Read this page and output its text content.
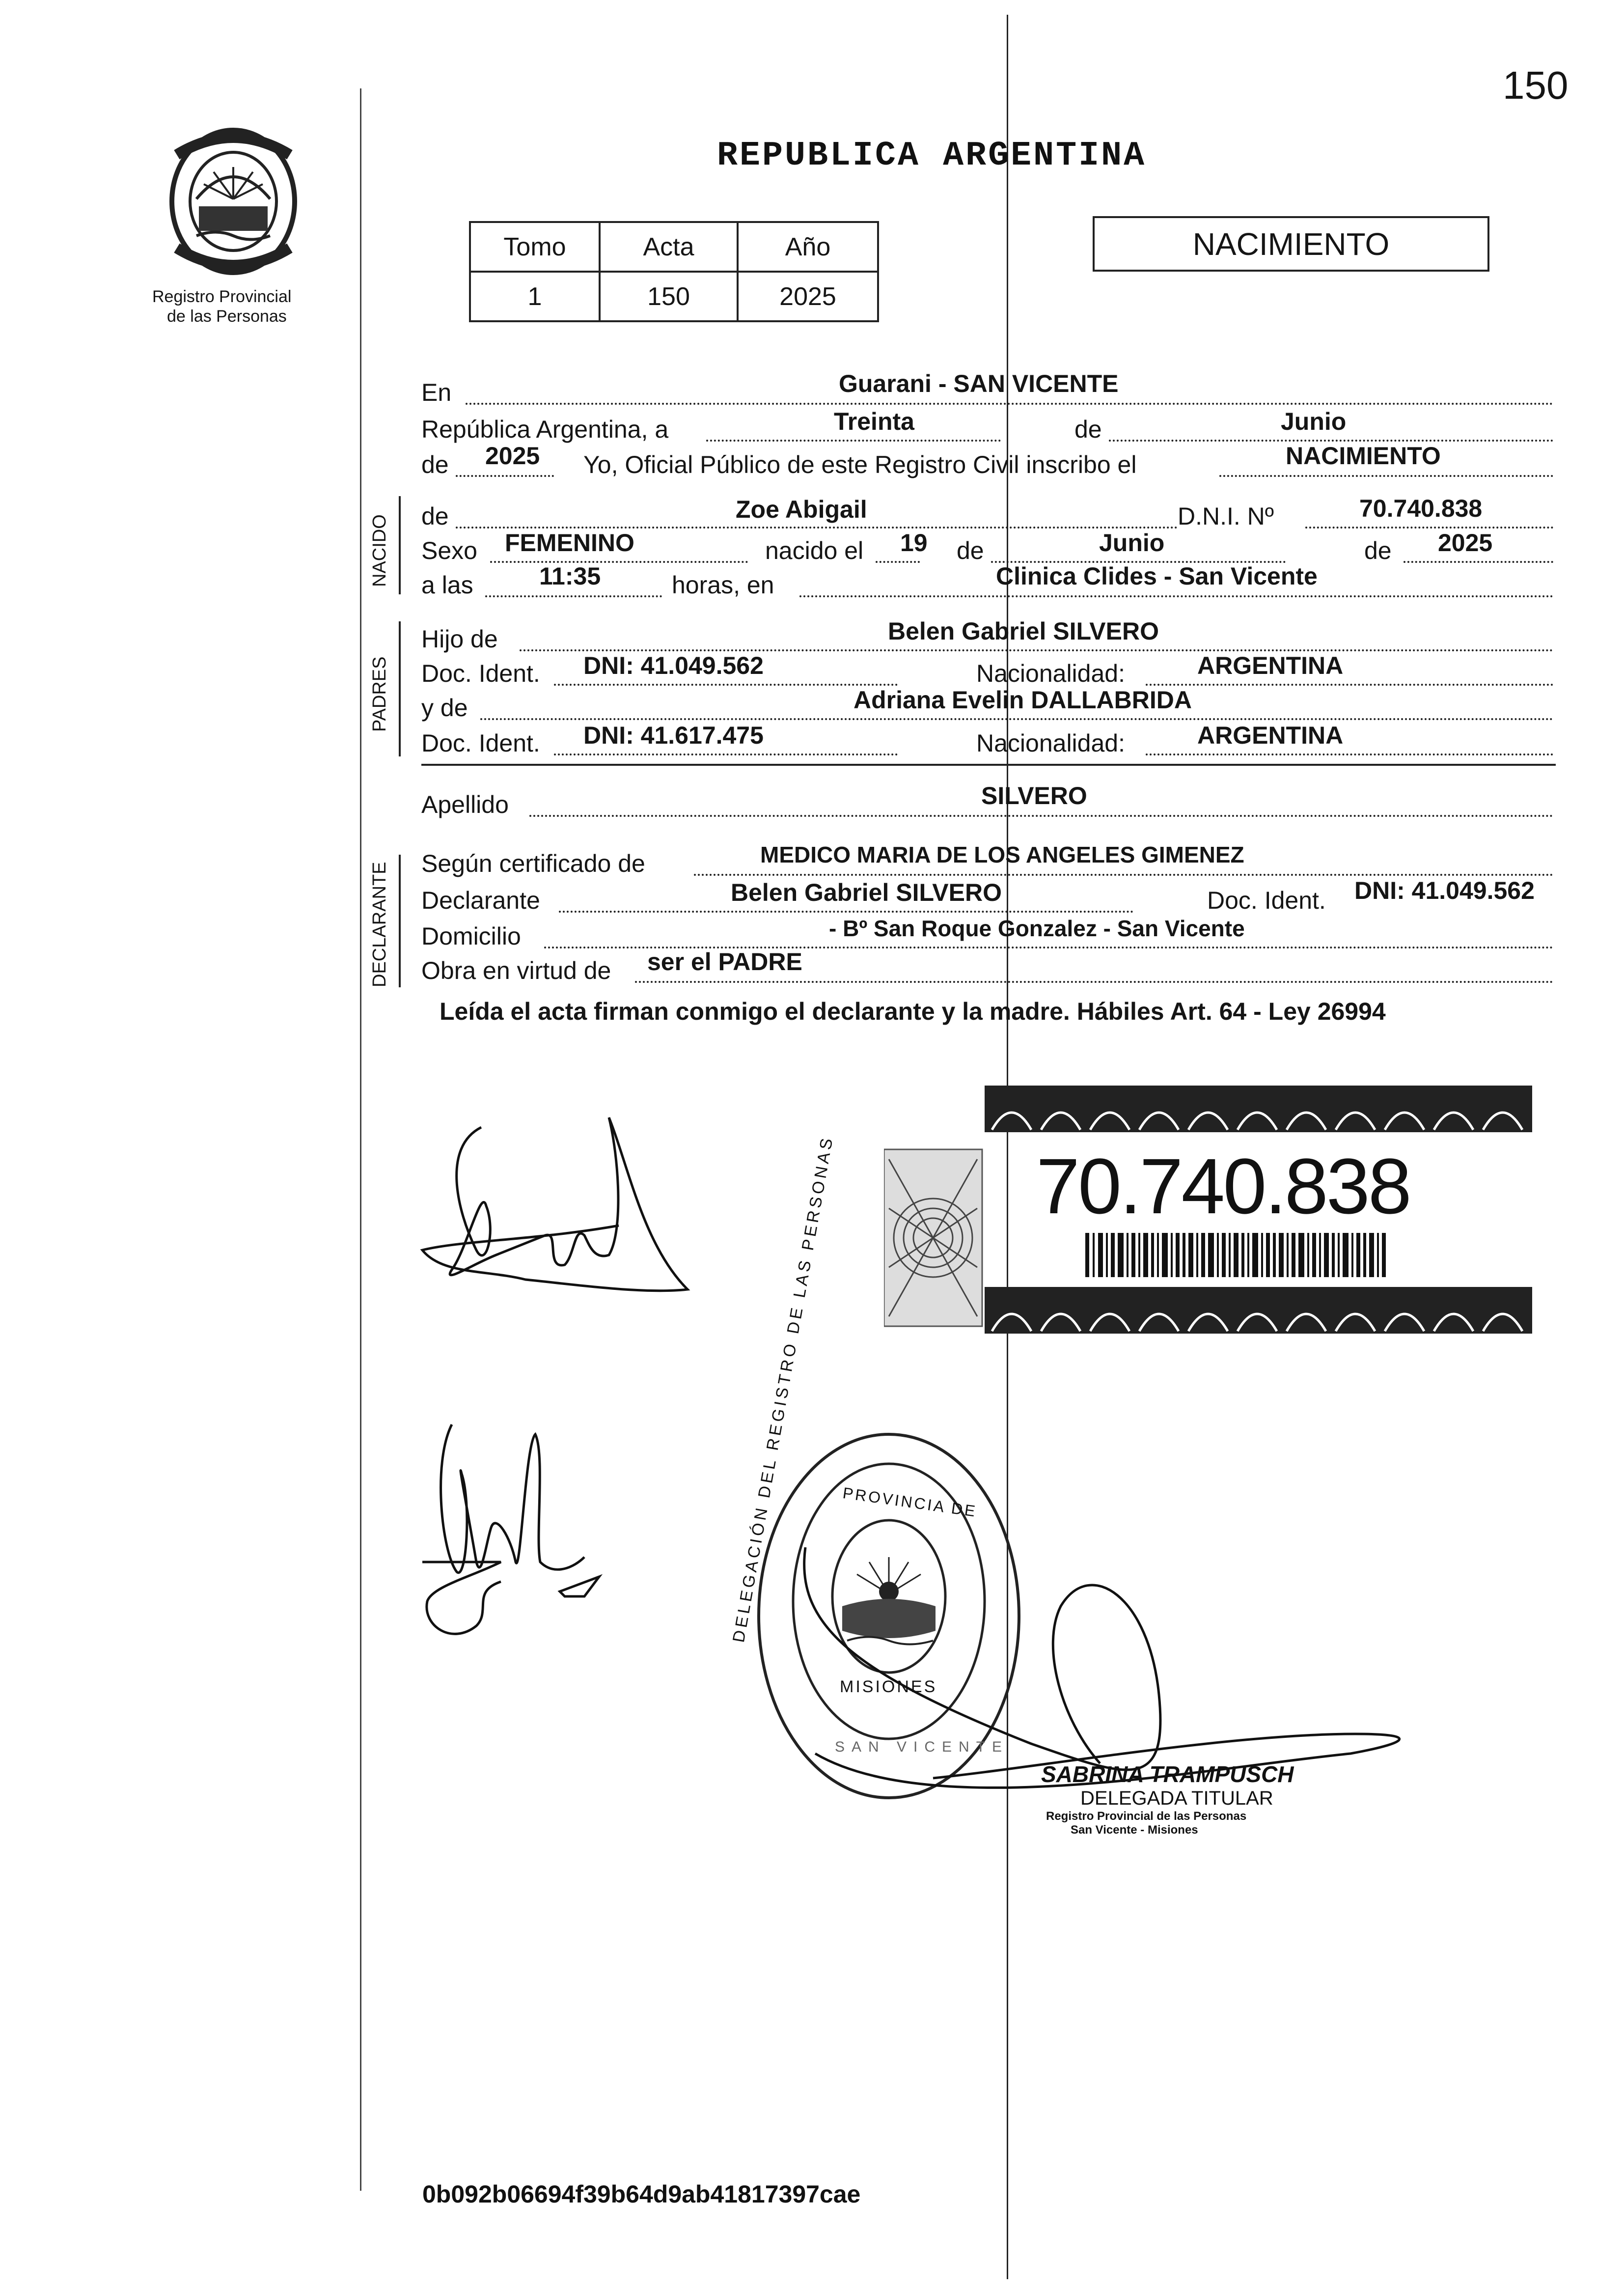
150
Registro Provincial
de las Personas
REPUBLICA ARGENTINA
Tomo	Acta	Año
1	150	2025
NACIMIENTO
En	Guarani - SAN VICENTE
República Argentina, a	Treinta	de	Junio
de 2025 Yo, Oficial Público de este Registro Civil inscribo el	NACIMIENTO
NACIDO de	Zoe Abigail	D.N.I. Nº	70.740.838
Sexo FEMENINO	nacido el 19 de	Junio	de 2025
a las	11:35	horas, en	Clinica Clides - San Vicente
PADRES
Hijo de	Belen Gabriel SILVERO
Doc. Ident. DNI: 41.049.562	Nacionalidad:	ARGENTINA
y de	Adriana Evelin DALLABRIDA
Doc. Ident. DNI: 41.617.475	Nacionalidad:	ARGENTINA
Apellido	SILVERO
DECLARANTE Según certificado de	MEDICO MARIA DE LOS ANGELES GIMENEZ
Declarante	Belen Gabriel SILVERO	Doc. Ident. DNI: 41.049.562
Domicilio	- Bº San Roque Gonzalez - San Vicente
Obra en virtud de ser el PADRE
Leída el acta firman conmigo el declarante y la madre. Hábiles Art. 64 - Ley 26994
70.740.838
PROVINCIA DE
MISIONES
DELEGACIÓN DEL REGISTRO DE LAS PERSONAS
SAN VICENTE
SABRINA TRAMPUSCH
DELEGADA TITULAR
Registro Provincial de las Personas
San Vicente - Misiones
0b092b06694f39b64d9ab41817397cae
